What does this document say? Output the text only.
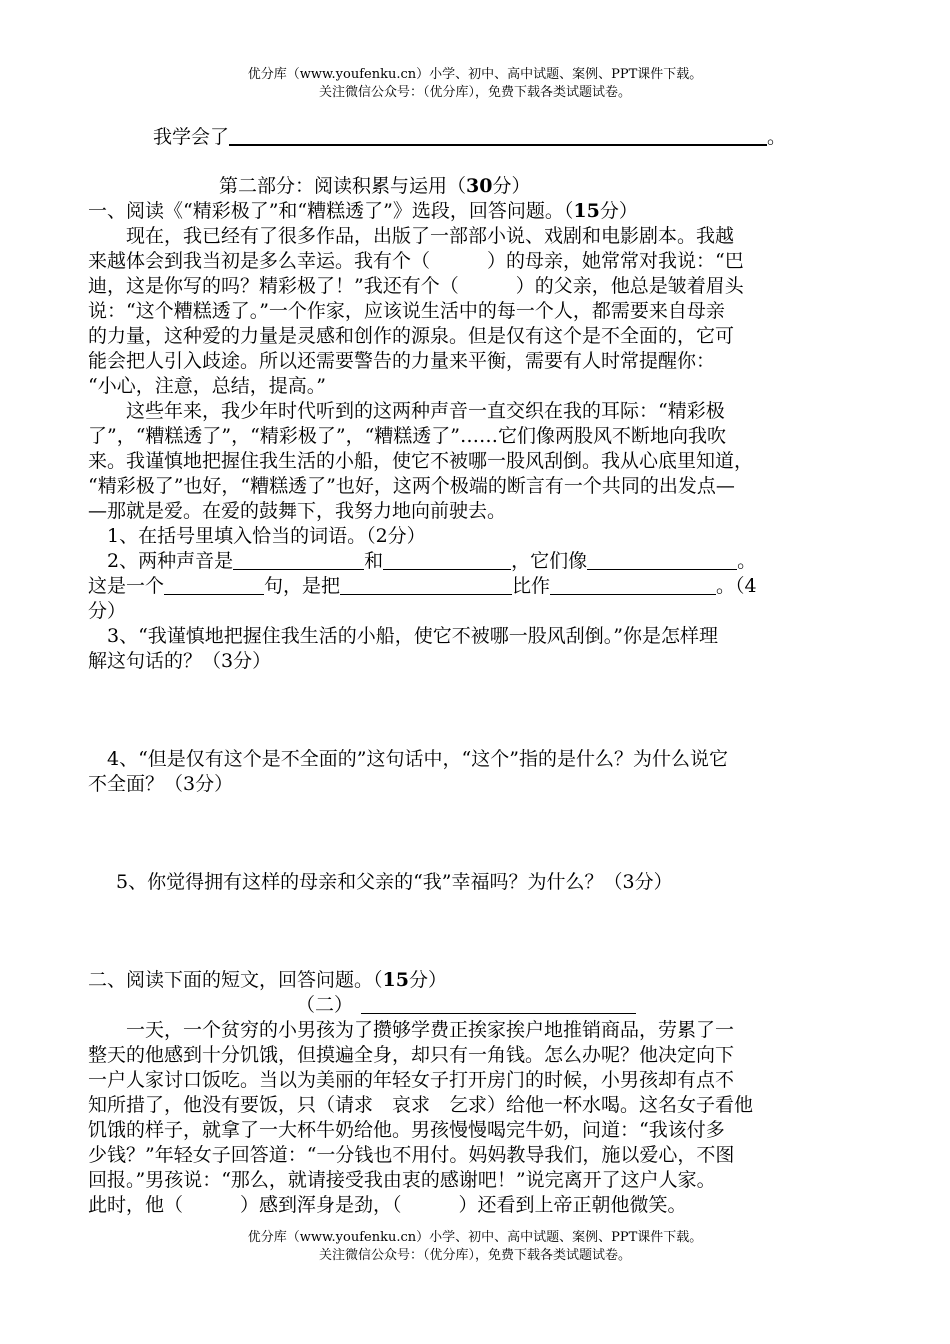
优分库（www.youfenku.cn）小学、初中、高中试题、案例、PPT课件下载。
关注微信公众号：（优分库），免费下载各类试题试卷。
我学会了	。
第二部分：阅读积累与运用（30分）
一、阅读《“精彩极了”和“糟糕透了”》选段，回答问题。（15分）
　　现在，我已经有了很多作品，出版了一部部小说、戏剧和电影剧本。我越
来越体会到我当初是多么幸运。我有个（　　　）的母亲，她常常对我说：“巴
迪，这是你写的吗？精彩极了！”我还有个（　　　）的父亲，他总是皱着眉头
说：“这个糟糕透了。”一个作家，应该说生活中的每一个人，都需要来自母亲
的力量，这种爱的力量是灵感和创作的源泉。但是仅有这个是不全面的，它可
能会把人引入歧途。所以还需要警告的力量来平衡，需要有人时常提醒你：
“小心，注意，总结，提高。”
　　这些年来，我少年时代听到的这两种声音一直交织在我的耳际：“精彩极
了”，“糟糕透了”，“精彩极了”，“糟糕透了”……它们像两股风不断地向我吹
来。我谨慎地把握住我生活的小船，使它不被哪一股风刮倒。我从心底里知道，
“精彩极了”也好，“糟糕透了”也好，这两个极端的断言有一个共同的出发点—
—那就是爱。在爱的鼓舞下，我努力地向前驶去。
　1、在括号里填入恰当的词语。（2分）
　2、两种声音是	和	，它们像	。
这是一个	句，是把	比作	。（4
分）
　3、“我谨慎地把握住我生活的小船，使它不被哪一股风刮倒。”你是怎样理
解这句话的？（3分）
　4、“但是仅有这个是不全面的”这句话中，“这个”指的是什么？为什么说它
不全面？（3分）
　5、你觉得拥有这样的母亲和父亲的“我”幸福吗？为什么？（3分）
二、阅读下面的短文，回答问题。（15分）
（二）
　　一天，一个贫穷的小男孩为了攒够学费正挨家挨户地推销商品，劳累了一
整天的他感到十分饥饿，但摸遍全身，却只有一角钱。怎么办呢？他决定向下
一户人家讨口饭吃。当以为美丽的年轻女子打开房门的时候，小男孩却有点不
知所措了，他没有要饭，只（请求　哀求　乞求）给他一杯水喝。这名女子看他
饥饿的样子，就拿了一大杯牛奶给他。男孩慢慢喝完牛奶，问道：“我该付多
少钱？”年轻女子回答道：“一分钱也不用付。妈妈教导我们，施以爱心，不图
回报。”男孩说：“那么，就请接受我由衷的感谢吧！”说完离开了这户人家。
此时，他（　　　）感到浑身是劲，（　　　）还看到上帝正朝他微笑。
优分库（www.youfenku.cn）小学、初中、高中试题、案例、PPT课件下载。
关注微信公众号：（优分库），免费下载各类试题试卷。
